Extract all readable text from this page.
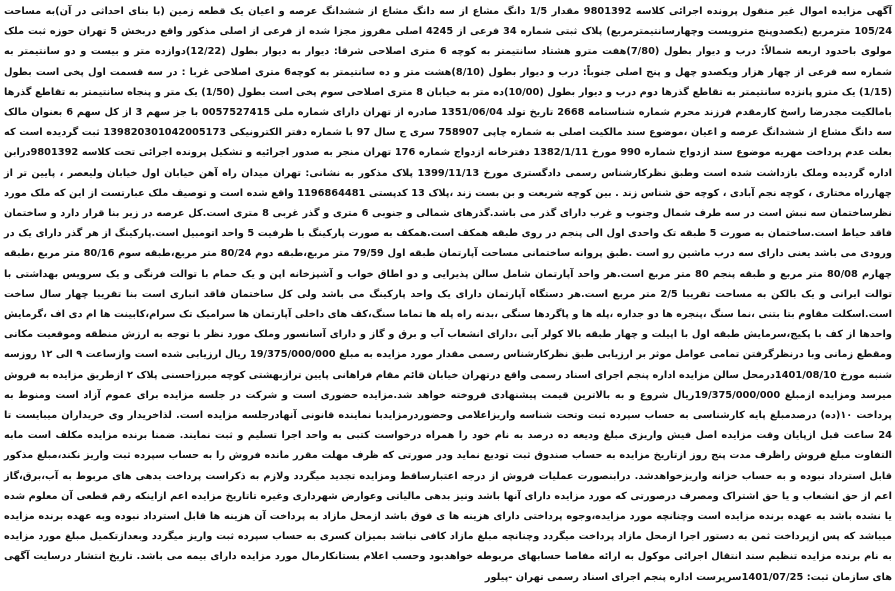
آگهی مزایده اموال غیر منقول پرونده اجرائی کلاسه 9801392 مقدار 1/5 دانگ مشاع از سه دانگ مشاع از ششدانگ عرصه و اعیان یک قطعه زمین (با بنای احداثی در آن)به مساحت 105/24 مترمربع (یکصدوپنج مترویست وچهارسانتیمترمربع) پلاک ثبتی شماره 34 فرعی از 4245 اصلی مفروز مجزا شده از فرعی از اصلی مذکور واقع دربخش 5 تهران حوزه ثبت ملک مولوی باحدود اربعه شمالاً: درب و دیوار بطول (7/80)هفت مترو هشتاد سانتیمتر به کوچه 6 متری اصلاحی شرقا: دیوار به دیوار بطول (12/22)دوازده متر و بیست و دو سانتیمتر به شماره سه فرعی از چهار هزار ویکصدو چهل و پنج اصلی جنوباً: درب و دیوار بطول (8/10)هشت متر و ده سانتیمتر به کوچه6 متری اصلاحی غربا : در سه قسمت اول پخی است بطول (1/15) یک مترو پانزده سانتیمتر به تقاطع گذرها دوم درب و دیوار بطول (10/00)ده متر به خیابان 8 متری اصلاحی سوم پخی است بطول (1/50) یک متر و پنجاه سانتیمتر به تقاطع گذرها بامالکیت مجدرضا راسخ کارمقدم فرزند محرم شماره شناسنامه 2668 تاریخ تولد 1351/06/04 صادره از تهران دارای شماره ملی 0057527415 با جز سهم 3 از کل سهم 6 بعنوان مالک سه دانگ مشاع از ششدانگ عرصه و اعیان ،موضوع سند مالکیت اصلی به شماره چاپی 758907 سری ج سال 97 با شماره دفتر الکترونیکی 139820301042005173 ثبت گردیده است که بعلت عدم پرداخت مهریه موضوع سند ازدواج شماره 990 مورخ 1382/1/11 دفترخانه ازدواج شماره 176 تهران منجر به صدور اجرائیه و تشکیل پرونده اجرائی تحت کلاسه 9801392درابن اداره گردیده وملک بازداشت شده است وطبق نظرکارشناس رسمی دادگستری مورخ 1399/11/13 پلاک مذکور به نشانی: تهران میدان راه آهن خیابان اول خیابان ولیعصر ، پایین تر از چهارراه مختاری ، کوچه نجم آبادی ، کوچه حق شناس زند . بین کوچه شریعت و بن بست زند ،پلاک 13 کدپستی 1196864481 واقع شده است و توصیف ملک عبارتست از این که ملک مورد نظرساختمان سه نبش است در سه طرف شمال وجنوب و غرب دارای گذر می باشد.گذرهای شمالی و جنوبی 6 متری و گذر غربی 8 متری است.کل عرصه در زیر بنا قرار دارد و ساختمان فاقد حیاط است.ساختمان به صورت 5 طبقه تک واحدی اول الی پنجم در روی طبقه همکف است.همکف به صورت پارکینگ با ظرفیت 5 واحد اتومبیل است.پارکینگ از هر گذر دارای یک در ورودی می باشد یعنی دارای سه درب ماشین رو است .طبق پروانه ساختمانی مساحت آپارتمان طبقه اول 79/59 متر مربع،طبقه دوم 80/24 متر مربع،طبقه سوم 80/16 متر مربع ،طبقه چهارم 80/08 متر مربع و طبقه پنجم 80 متر مربع است.هر واحد آپارتمان شامل سالن پذیرایی و دو اطاق خواب و آشپزخانه اپن و یک حمام با توالت فرنگی و یک سرویس بهداشتی با توالت ایرانی و یک بالکن به مساحت تقریبا 2/5 متر مربع است.هر دستگاه آپارتمان دارای یک واحد پارکینگ می باشد ولی کل ساختمان فاقد انباری است بنا تقریبا چهار سال ساخت است.اسکلت مقاوم بتا بتنی ،نما سنگ ،پنجره ها دو جداره ،پله ها و پاگردها سنگی ،بدنه راه پله ها تماما سنگ،کف های داخلی آپارتمان ها سرامیک تک سرام،کابینت ها ام دی اف ،گرمایش واحدها از کف با پکیج،سرمایش طبقه اول با اپیلت و چهار طبقه بالا کولر آبی ،دارای انشعاب آب و برق و گاز و دارای آسانسور وملک مورد نظر با توجه به ارزش منطقه وموقعیت مکانی ومقطع زمانی وبا درنظرگرفتن تمامی عوامل موثر بر ارزیابی طبق نظرکارشناس رسمی مقدار مورد مزایده به مبلغ 19/375/000/000 ریال ارزیابی شده است وازساعت ۹ الی ۱۲ روزسه شنبه مورخ 1401/08/10درمحل سالن مزایده اداره پنجم اجرای اسناد رسمی واقع درتهران خیابان قائم مقام فراهانی پایین ترازبهشتی کوچه میرزاحسنی پلاک ۲ ازطریق مزایده به فروش میرسد ومزایده ازمبلغ 19/375/000/000ریال شروع و به بالاترین قیمت پیشنهادی فروخته خواهد شد.مزایده حضوری است و شرکت در جلسه مزایده برای عموم آزاد است ومنوط به پرداخت ۱۰(ده) درصدمبلغ پایه کارشناسی به حساب سپرده ثبت وتحت شناسه واریزاعلامی وحضوردرمزایدبا نماینده قانونی آنهادرجلسه مزایده است. لذاخریدار وی خریداران میبایست تا 24 ساعت قبل ازپایان وقت مزایده اصل فیش واریزی مبلغ ودیعه ده درصد به نام خود را همراه درخواست کتبی به واحد اجرا تسلیم و ثبت نمایند. ضمنا برنده مزایده مکلف است مابه التفاوت مبلغ فروش راظرف مدت پنج روز ازتاریخ مزایده به حساب صندوق ثبت تودیع نماید ودر صورتی که ظرف مهلت مقرر مانده فروش را به حساب سپرده ثبت واریز نکند،مبلغ مذکور قابل استرداد نبوده و به حساب خزانه واریزخواهدشد. درابنصورت عملیات فروش از درجه اعتبارساقط ومزایده تجدید میگردد ولازم به ذکراست پرداخت بدهی های مربوط به آب،برق،گاز اعم از حق انشعاب و یا حق اشتراک ومصرف درصورتی که مورد مزایده دارای آنها باشد ونیز بدهی مالیاتی وعوارض شهرداری وغیره تاتاریخ مزایده اعم ازاینکه رقم قطعی آن معلوم شده یا نشده باشد به عهده برنده مزایده است وچنانچه مورد مزایده،وجوه پرداختی دارای هزینه ها ی فوق باشد ازمحل مازاد به پرداخت آن هزینه ها قابل استرداد نبوده وبه عهده برنده مزایده میباشد که پس ازپرداخت ثمن به دستور اجرا ازمحل مازاد پرداخت میگردد وچنانچه مبلغ مازاد کافی نباشد بمیزان کسری به حساب سپرده ثبت واریز میگردد وبعدازتکمیل مبلغ مورد مزایده به نام برنده مزایده تنظیم سند انتقال اجرائی موکول به ارائه مفاصا حسابهای مربوطه خواهدبود وحسب اعلام بستانکارمال مورد مزایده دارای بیمه می باشد. تاریخ انتشار درسایت آگهی های سازمان ثبت: 1401/07/25سرپرست اداره پنجم اجرای اسناد رسمی تهران -پیلور
